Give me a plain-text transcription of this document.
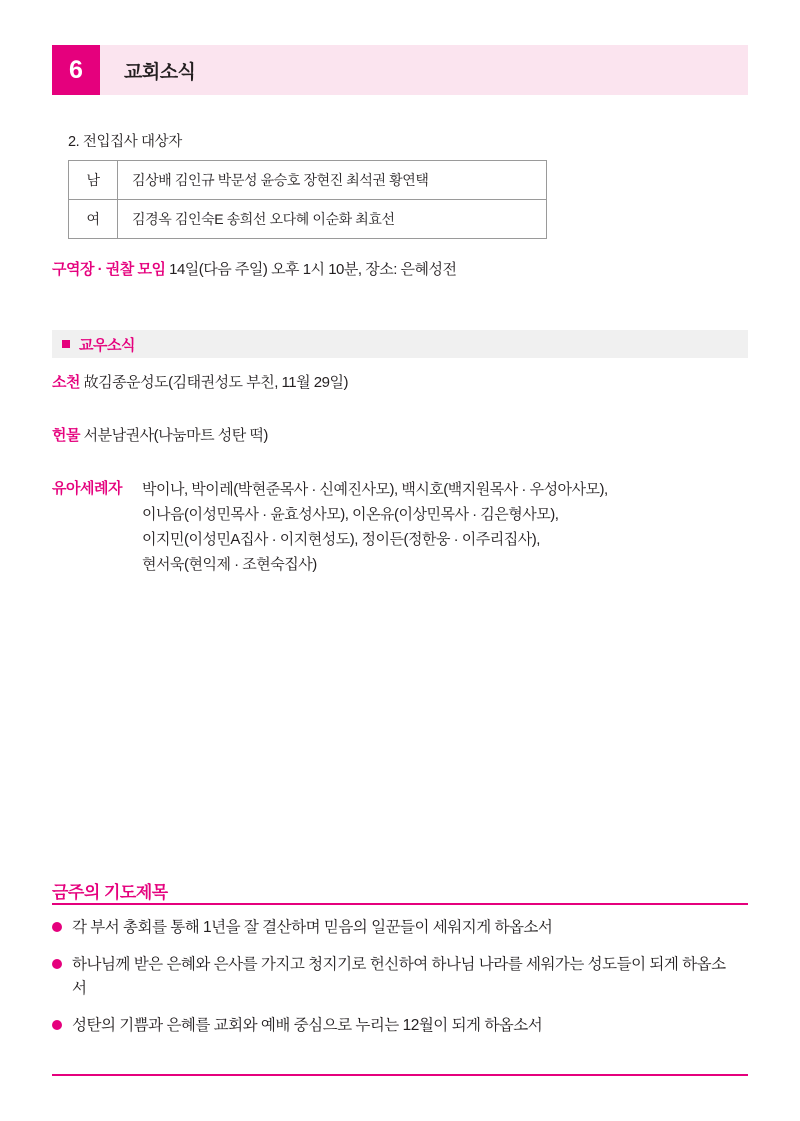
6	교회소식
2. 전입집사 대상자
남	김상배 김인규 박문성 윤승호 장현진 최석권 황연택
여	김경옥 김인숙E 송희선 오다혜 이순화 최효선
구역장 · 권찰 모임 14일(다음 주일) 오후 1시 10분, 장소: 은혜성전
교우소식
소천 故김종운성도(김태권성도 부친, 11월 29일)
헌물 서분남권사(나눔마트 성탄 떡)
유아세례자 박이나, 박이레(박현준목사 · 신예진사모), 백시호(백지원목사 · 우성아사모),
이나음(이성민목사 · 윤효성사모), 이온유(이상민목사 · 김은형사모),
이지민(이성민A집사 · 이지현성도), 정이든(정한웅 · 이주리집사),
현서욱(현익제 · 조현숙집사)
금주의 기도제목
각 부서 총회를 통해 1년을 잘 결산하며 믿음의 일꾼들이 세워지게 하옵소서
하나님께 받은 은혜와 은사를 가지고 청지기로 헌신하여 하나님 나라를 세워가는 성도들이 되게 하옵소서
성탄의 기쁨과 은혜를 교회와 예배 중심으로 누리는 12월이 되게 하옵소서
